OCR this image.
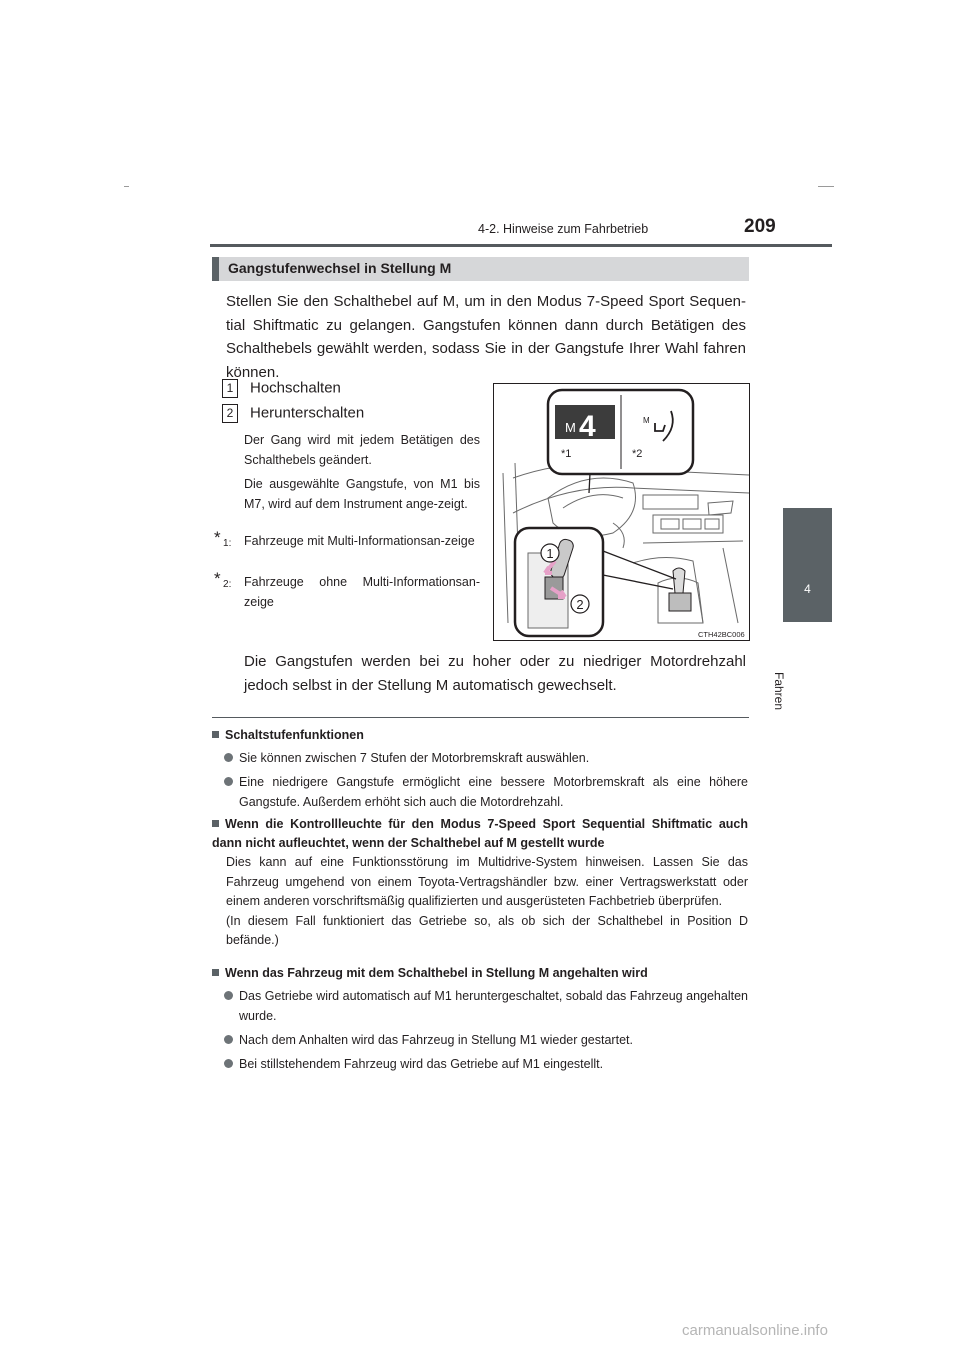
4-2. Hinweise zum Fahrbetrieb	209
4
Fahren
Gangstufenwechsel in Stellung M
Stellen Sie den Schalthebel auf M, um in den Modus 7-Speed Sport Sequen-tial Shiftmatic zu gelangen. Gangstufen können dann durch Betätigen des Schalthebels gewählt werden, sodass Sie in der Gangstufe Ihrer Wahl fahren können.
1 Hochschalten
2 Herunterschalten
Der Gang wird mit jedem Betätigen des Schalthebels geändert.
Die ausgewählte Gangstufe, von M1 bis M7, wird auf dem Instrument ange-zeigt.
* 1: Fahrzeuge mit Multi-Informationsan-zeige
* 2: Fahrzeuge ohne Multi-Informationsan-zeige
M 4	M
*1	*2
1
2
CTH42BC006
Die Gangstufen werden bei zu hoher oder zu niedriger Motordrehzahl jedoch selbst in der Stellung M automatisch gewechselt.
Schaltstufenfunktionen
Sie können zwischen 7 Stufen der Motorbremskraft auswählen.
Eine niedrigere Gangstufe ermöglicht eine bessere Motorbremskraft als eine höhere Gangstufe. Außerdem erhöht sich auch die Motordrehzahl.
Wenn die Kontrollleuchte für den Modus 7-Speed Sport Sequential Shiftmatic auch dann nicht aufleuchtet, wenn der Schalthebel auf M gestellt wurde
Dies kann auf eine Funktionsstörung im Multidrive-System hinweisen. Lassen Sie das Fahrzeug umgehend von einem Toyota-Vertragshändler bzw. einer Vertragswerkstatt oder einem anderen vorschriftsmäßig qualifizierten und ausgerüsteten Fachbetrieb überprüfen.
(In diesem Fall funktioniert das Getriebe so, als ob sich der Schalthebel in Position D befände.)
Wenn das Fahrzeug mit dem Schalthebel in Stellung M angehalten wird
Das Getriebe wird automatisch auf M1 heruntergeschaltet, sobald das Fahrzeug angehalten wurde.
Nach dem Anhalten wird das Fahrzeug in Stellung M1 wieder gestartet.
Bei stillstehendem Fahrzeug wird das Getriebe auf M1 eingestellt.
carmanualsonline.info
